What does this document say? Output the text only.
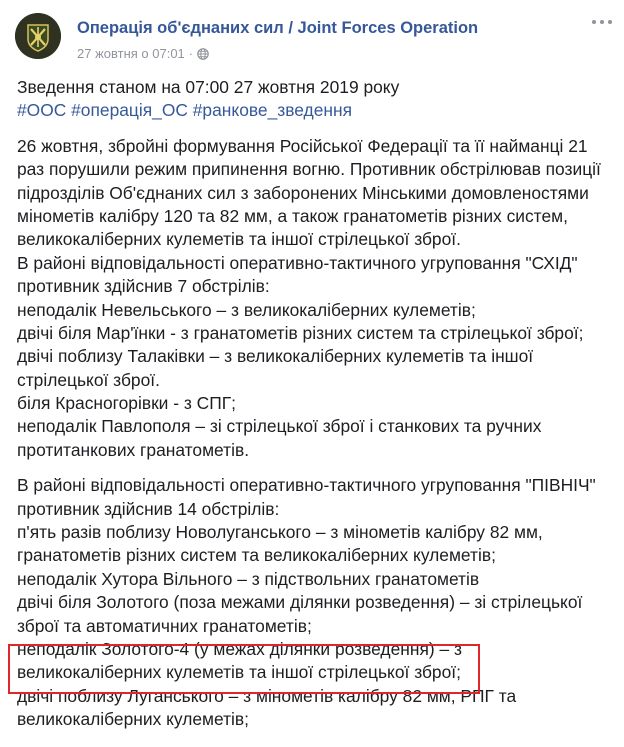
Операція об'єднаних сил / Joint Forces Operation
27 жовтня о 07:01 ·
Зведення станом на 07:00 27 жовтня 2019 року
#ООС #операція_ОС #ранкове_зведення
26 жовтня, збройні формування Російської Федерації та її найманці 21
раз порушили режим припинення вогню. Противник обстрілював позиції
підрозділів Об'єднаних сил з заборонених Мінськими домовленостями
мінометів калібру 120 та 82 мм, а також гранатометів різних систем,
великокаліберних кулеметів та іншої стрілецької зброї.
В районі відповідальності оперативно-тактичного угруповання "СХІД"
противник здійснив 7 обстрілів:
неподалік Невельського – з великокаліберних кулеметів;
двічі біля Мар'їнки - з гранатометів різних систем та стрілецької зброї;
двічі поблизу Талаківки – з великокаліберних кулеметів та іншої
стрілецької зброї.
біля Красногорівки - з СПГ;
неподалік Павлополя – зі стрілецької зброї і станкових та ручних
протитанкових гранатометів.
В районі відповідальності оперативно-тактичного угруповання "ПІВНІЧ"
противник здійснив 14 обстрілів:
п'ять разів поблизу Новолуганського – з мінометів калібру 82 мм,
гранатометів різних систем та великокаліберних кулеметів;
неподалік Хутора Вільного – з підствольних гранатометів
двічі біля Золотого (поза межами ділянки розведення) – зі стрілецької
зброї та автоматичних гранатометів;
неподалік Золотого-4 (у межах ділянки розведення) – з
великокаліберних кулеметів та іншої стрілецької зброї;
двічі поблизу Луганського – з мінометів калібру 82 мм, РПГ та
великокаліберних кулеметів;
